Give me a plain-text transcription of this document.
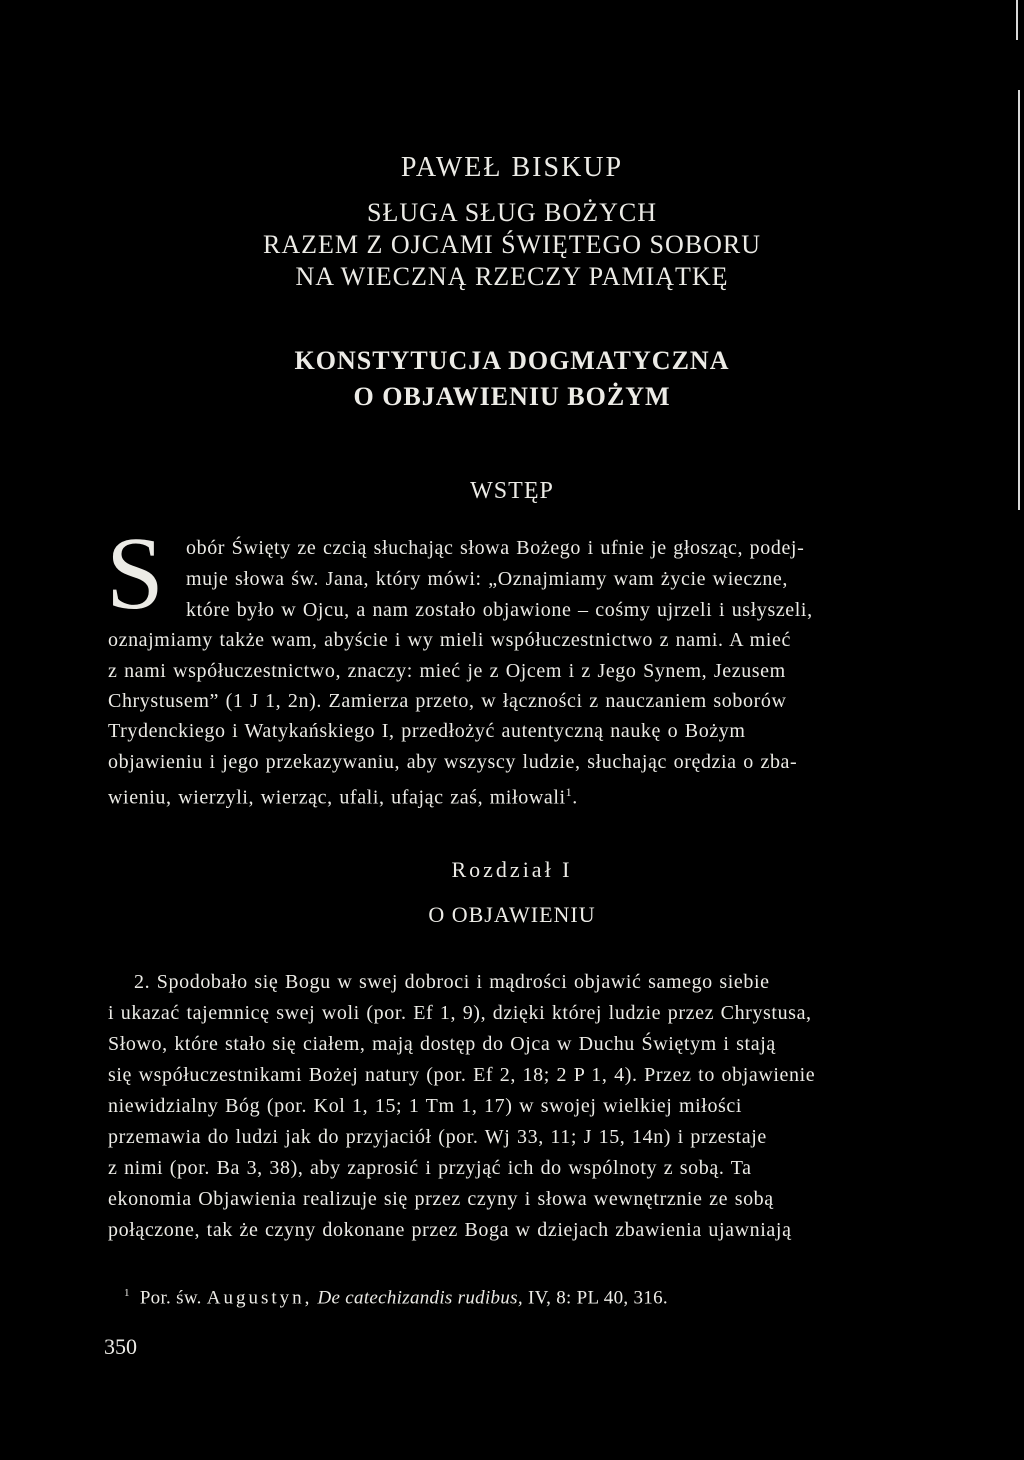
PAWEŁ BISKUP
SŁUGA SŁUG BOŻYCH
RAZEM Z OJCAMI ŚWIĘTEGO SOBORU
NA WIECZNĄ RZECZY PAMIĄTKĘ
KONSTYTUCJA DOGMATYCZNA
O OBJAWIENIU BOŻYM
WSTĘP
S obór Święty ze czcią słuchając słowa Bożego i ufnie je głosząc, podej-
muje słowa św. Jana, który mówi: „Oznajmiamy wam życie wieczne,
które było w Ojcu, a nam zostało objawione – cośmy ujrzeli i usłyszeli,
oznajmiamy także wam, abyście i wy mieli współuczestnictwo z nami. A mieć
z nami współuczestnictwo, znaczy: mieć je z Ojcem i z Jego Synem, Jezusem
Chrystusem” (1 J 1, 2n). Zamierza przeto, w łączności z nauczaniem soborów
Trydenckiego i Watykańskiego I, przedłożyć autentyczną naukę o Bożym
objawieniu i jego przekazywaniu, aby wszyscy ludzie, słuchając orędzia o zba-
wieniu, wierzyli, wierząc, ufali, ufając zaś, miłowali$^1$.
Rozdział I
O OBJAWIENIU
2. Spodobało się Bogu w swej dobroci i mądrości objawić samego siebie
i ukazać tajemnicę swej woli (por. Ef 1, 9), dzięki której ludzie przez Chrystusa,
Słowo, które stało się ciałem, mają dostęp do Ojca w Duchu Świętym i stają
się współuczestnikami Bożej natury (por. Ef 2, 18; 2 P 1, 4). Przez to objawienie
niewidzialny Bóg (por. Kol 1, 15; 1 Tm 1, 17) w swojej wielkiej miłości
przemawia do ludzi jak do przyjaciół (por. Wj 33, 11; J 15, 14n) i przestaje
z nimi (por. Ba 3, 38), aby zaprosić i przyjąć ich do wspólnoty z sobą. Ta
ekonomia Objawienia realizuje się przez czyny i słowa wewnętrznie ze sobą
połączone, tak że czyny dokonane przez Boga w dziejach zbawienia ujawniają
$^1$ Por. św. Augustyn, De catechizandis rudibus, IV, 8: PL 40, 316.
350
